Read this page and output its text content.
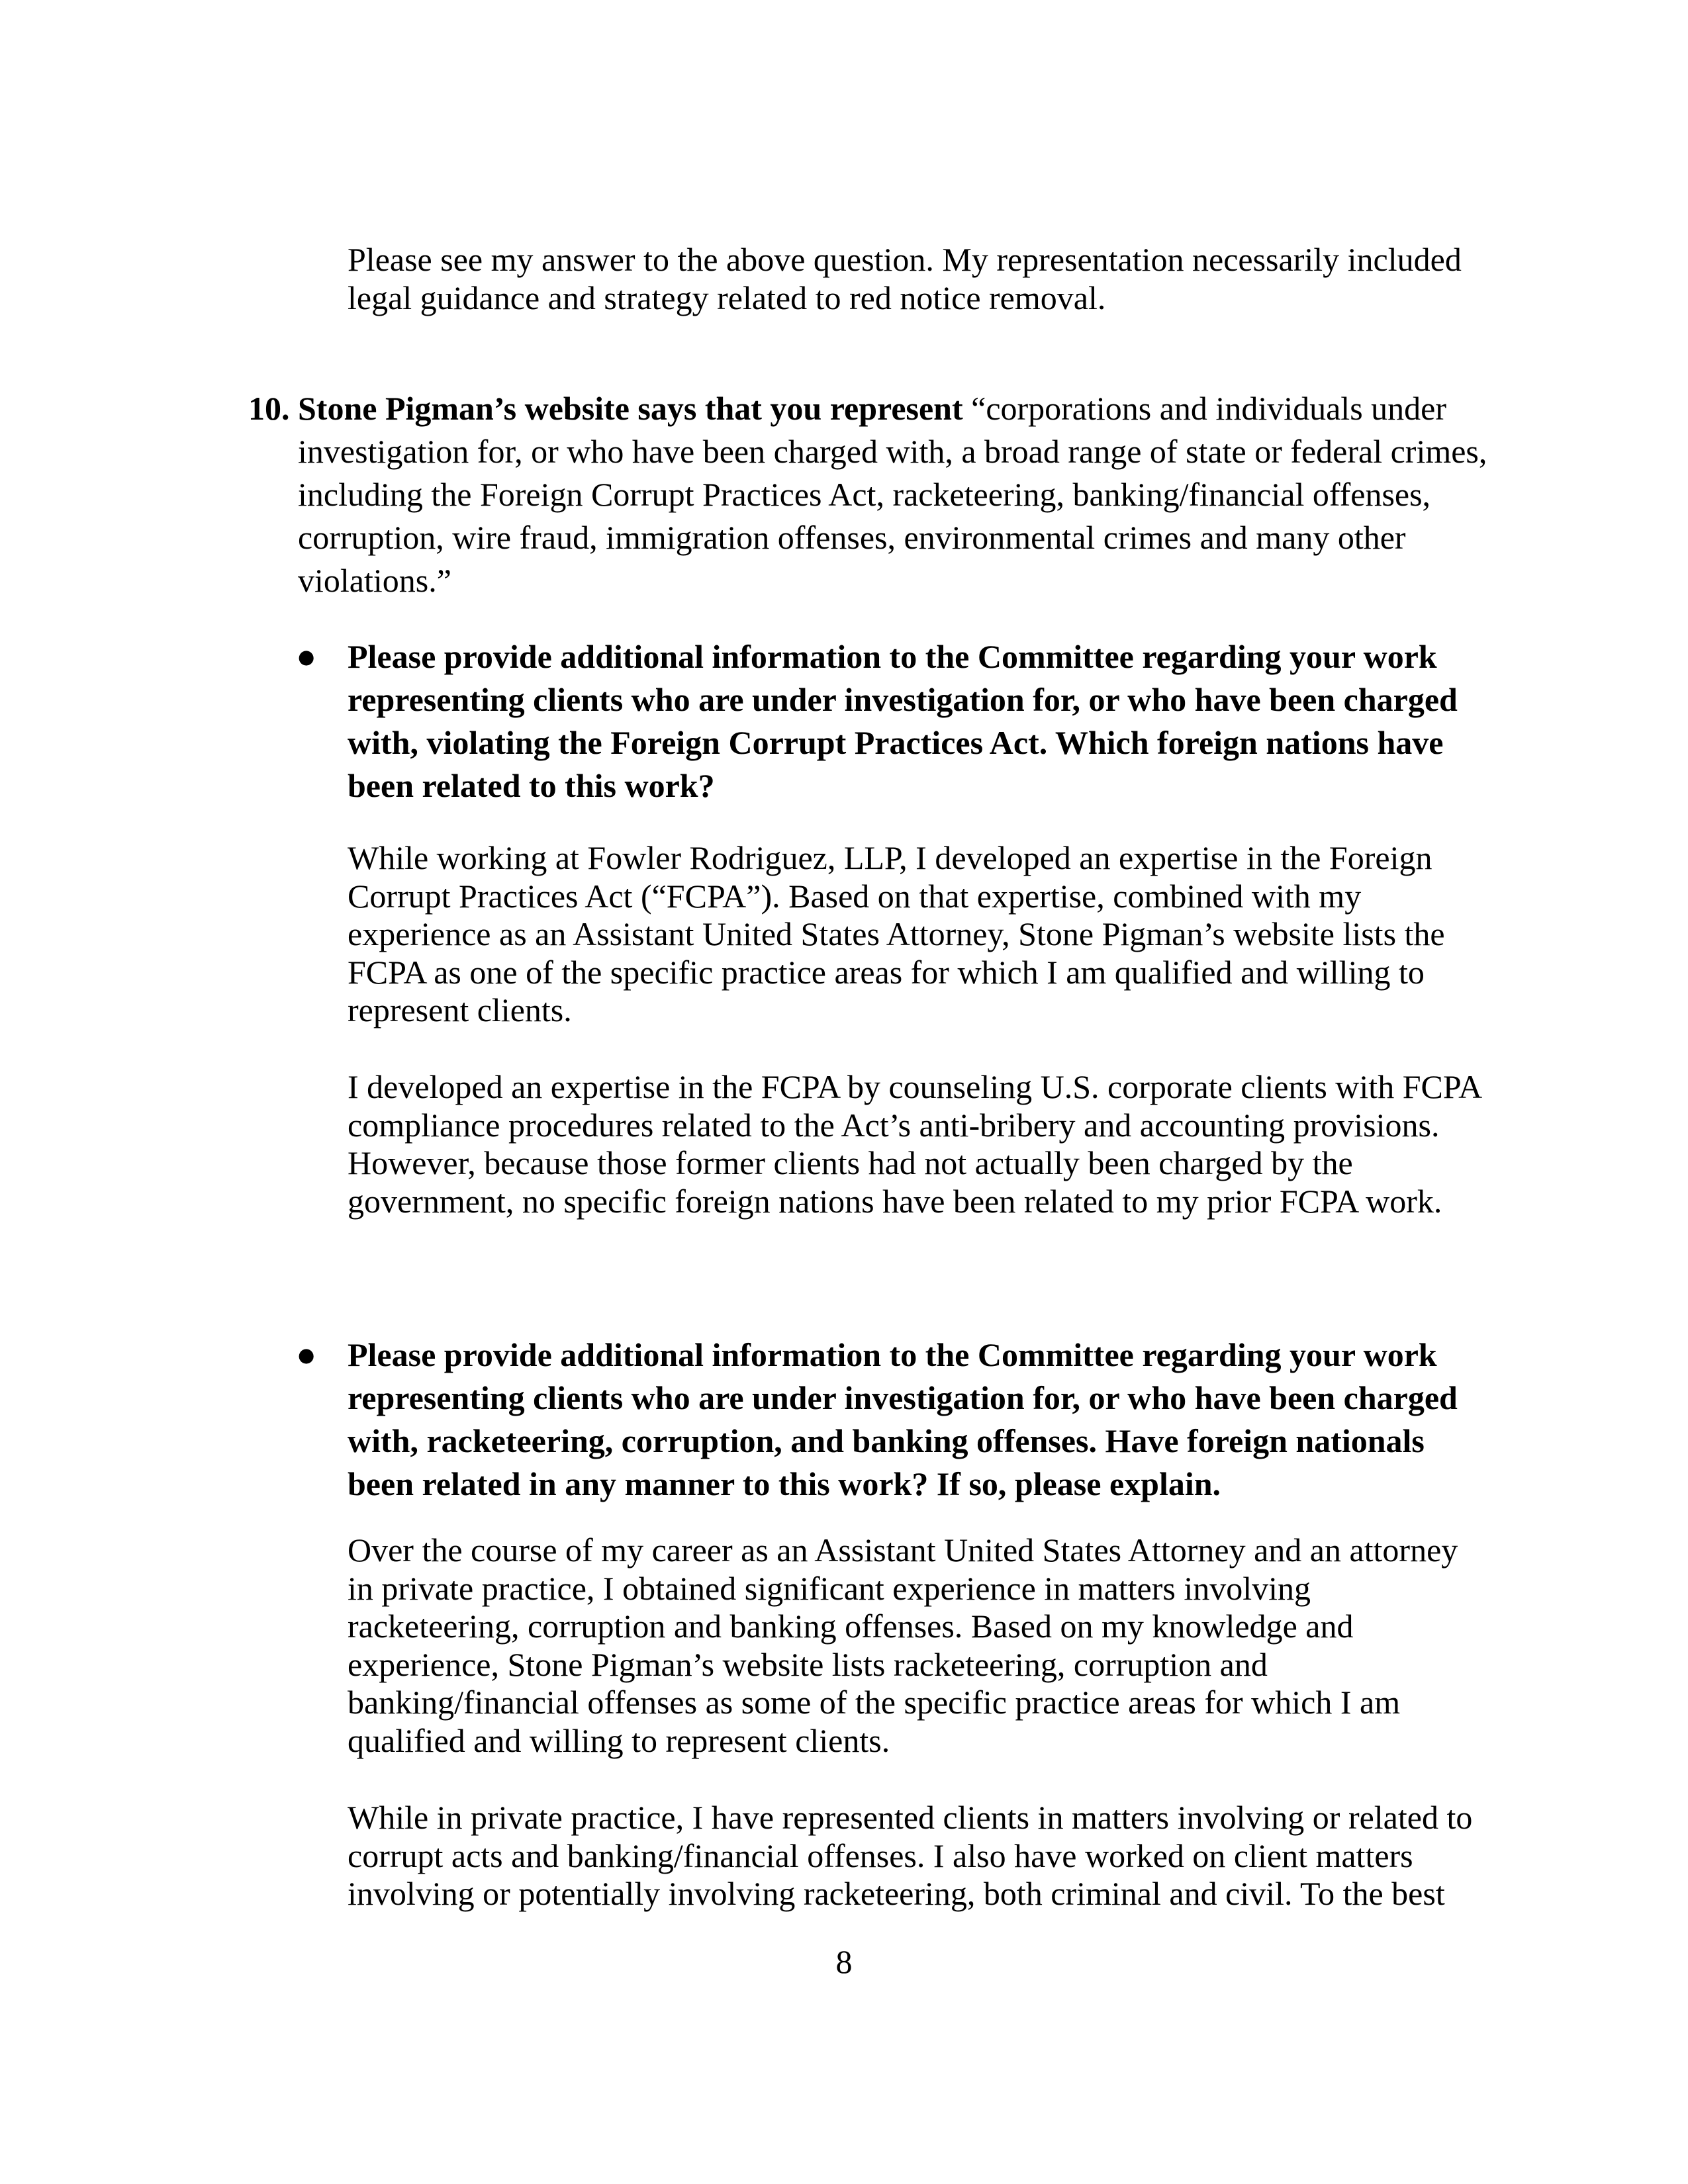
Please see my answer to the above question. My representation necessarily included legal guidance and strategy related to red notice removal.
10. Stone Pigman’s website says that you represent “corporations and individuals under investigation for, or who have been charged with, a broad range of state or federal crimes, including the Foreign Corrupt Practices Act, racketeering, banking/financial offenses, corruption, wire fraud, immigration offenses, environmental crimes and many other violations.”
● Please provide additional information to the Committee regarding your work representing clients who are under investigation for, or who have been charged with, violating the Foreign Corrupt Practices Act. Which foreign nations have been related to this work?
While working at Fowler Rodriguez, LLP, I developed an expertise in the Foreign Corrupt Practices Act (“FCPA”). Based on that expertise, combined with my experience as an Assistant United States Attorney, Stone Pigman’s website lists the FCPA as one of the specific practice areas for which I am qualified and willing to represent clients.
I developed an expertise in the FCPA by counseling U.S. corporate clients with FCPA compliance procedures related to the Act’s anti-bribery and accounting provisions. However, because those former clients had not actually been charged by the government, no specific foreign nations have been related to my prior FCPA work.
● Please provide additional information to the Committee regarding your work representing clients who are under investigation for, or who have been charged with, racketeering, corruption, and banking offenses. Have foreign nationals been related in any manner to this work? If so, please explain.
Over the course of my career as an Assistant United States Attorney and an attorney in private practice, I obtained significant experience in matters involving racketeering, corruption and banking offenses. Based on my knowledge and experience, Stone Pigman’s website lists racketeering, corruption and banking/financial offenses as some of the specific practice areas for which I am qualified and willing to represent clients.
While in private practice, I have represented clients in matters involving or related to corrupt acts and banking/financial offenses. I also have worked on client matters involving or potentially involving racketeering, both criminal and civil. To the best
8
